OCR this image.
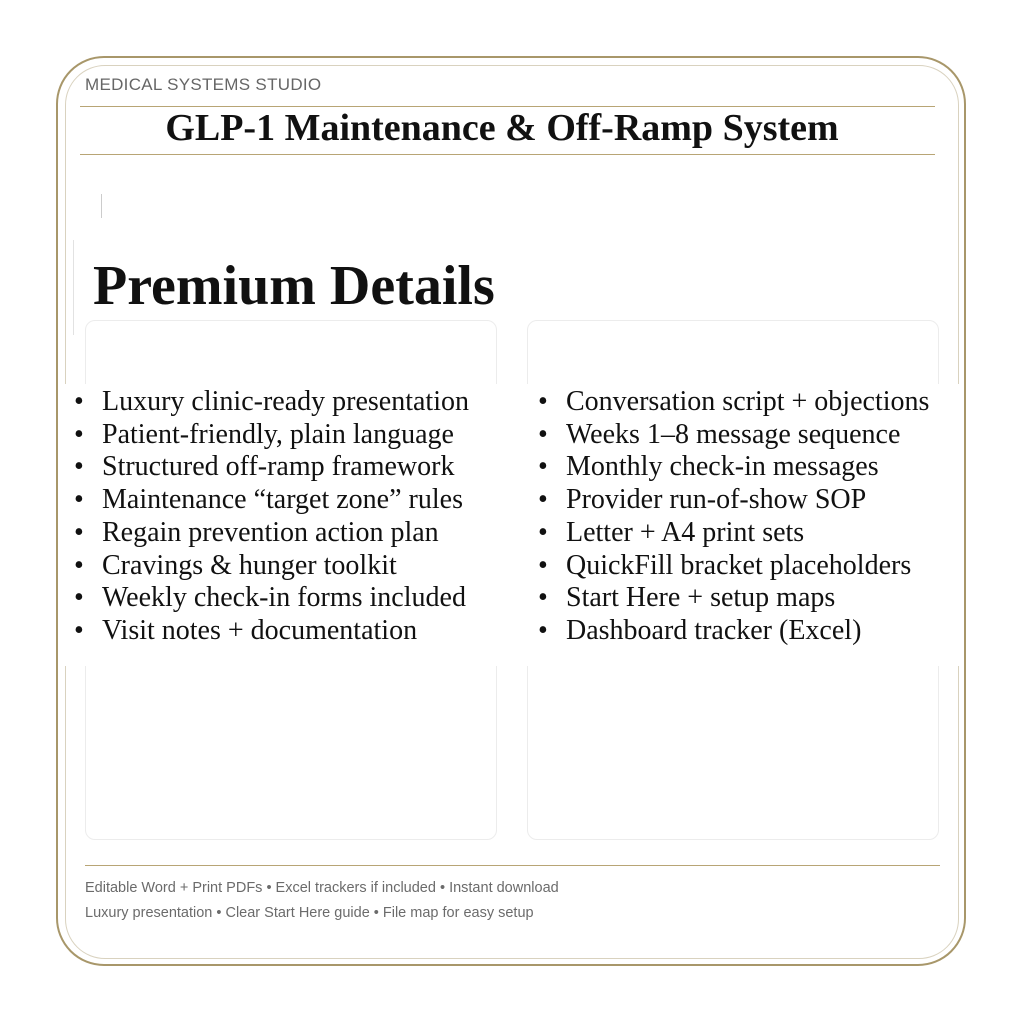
MEDICAL SYSTEMS STUDIO
GLP-1 Maintenance & Off-Ramp System
Premium Details
• Luxury clinic-ready presentation
• Patient-friendly, plain language
• Structured off-ramp framework
• Maintenance “target zone” rules
• Regain prevention action plan
• Cravings & hunger toolkit
• Weekly check-in forms included
• Visit notes + documentation
• Conversation script + objections
• Weeks 1–8 message sequence
• Monthly check-in messages
• Provider run-of-show SOP
• Letter + A4 print sets
• QuickFill bracket placeholders
• Start Here + setup maps
• Dashboard tracker (Excel)
Editable Word + Print PDFs • Excel trackers if included • Instant download
Luxury presentation • Clear Start Here guide • File map for easy setup
